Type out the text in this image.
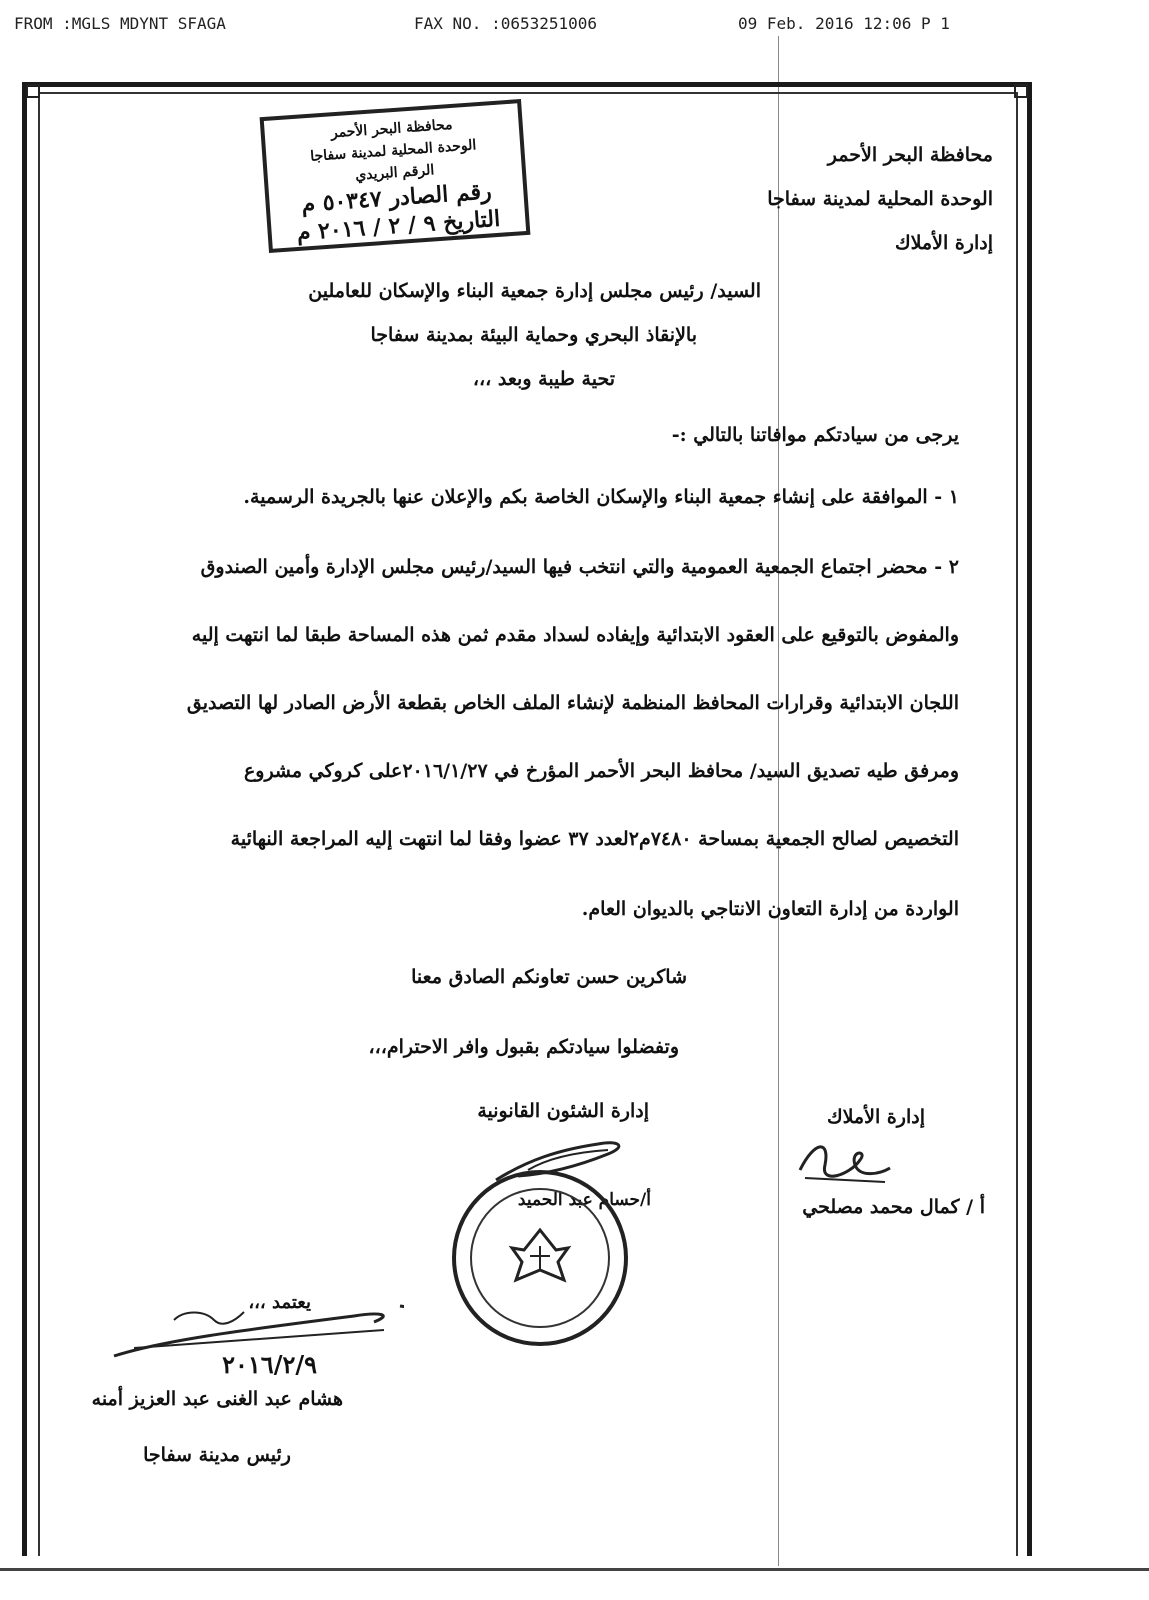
FROM :MGLS MDYNT SFAGA	FAX NO. :0653251006	09 Feb. 2016 12:06 P 1
محافظة البحر الأحمر
الوحدة المحلية لمدينة سفاجا
إدارة الأملاك
محافظة البحر الأحمر
الوحدة المحلية لمدينة سفاجا
الرقم البريدي
رقم الصادر ٥٠٣٤٧ م
التاريخ ٩ / ٢ / ٢٠١٦ م
السيد/ رئيس مجلس إدارة جمعية البناء والإسكان للعاملين
بالإنقاذ البحري وحماية البيئة بمدينة سفاجا
تحية طيبة وبعد ،،،
يرجى من سيادتكم موافاتنا بالتالي :-
١ - الموافقة على إنشاء جمعية البناء والإسكان الخاصة بكم والإعلان عنها بالجريدة الرسمية.
٢ - محضر اجتماع الجمعية العمومية والتي انتخب فيها السيد/رئيس مجلس الإدارة وأمين الصندوق
والمفوض بالتوقيع على العقود الابتدائية وإيفاده لسداد مقدم ثمن هذه المساحة طبقا لما انتهت إليه
اللجان الابتدائية وقرارات المحافظ المنظمة لإنشاء الملف الخاص بقطعة الأرض الصادر لها التصديق
ومرفق طيه تصديق السيد/ محافظ البحر الأحمر المؤرخ في ٢٠١٦/١/٢٧على كروكي مشروع
التخصيص لصالح الجمعية بمساحة ٧٤٨٠م٢لعدد ٣٧ عضوا وفقا لما انتهت إليه المراجعة النهائية
الواردة من إدارة التعاون الانتاجي بالديوان العام.
شاكرين حسن تعاونكم الصادق معنا
وتفضلوا سيادتكم بقبول وافر الاحترام،،،
إدارة الأملاك
أ / كمال محمد مصلحي
إدارة الشئون القانونية
أ/حسام عبد الحميد
يعتمد ،،،
٢٠١٦/٢/٩
هشام عبد الغنى عبد العزيز أمنه
رئيس مدينة سفاجا
